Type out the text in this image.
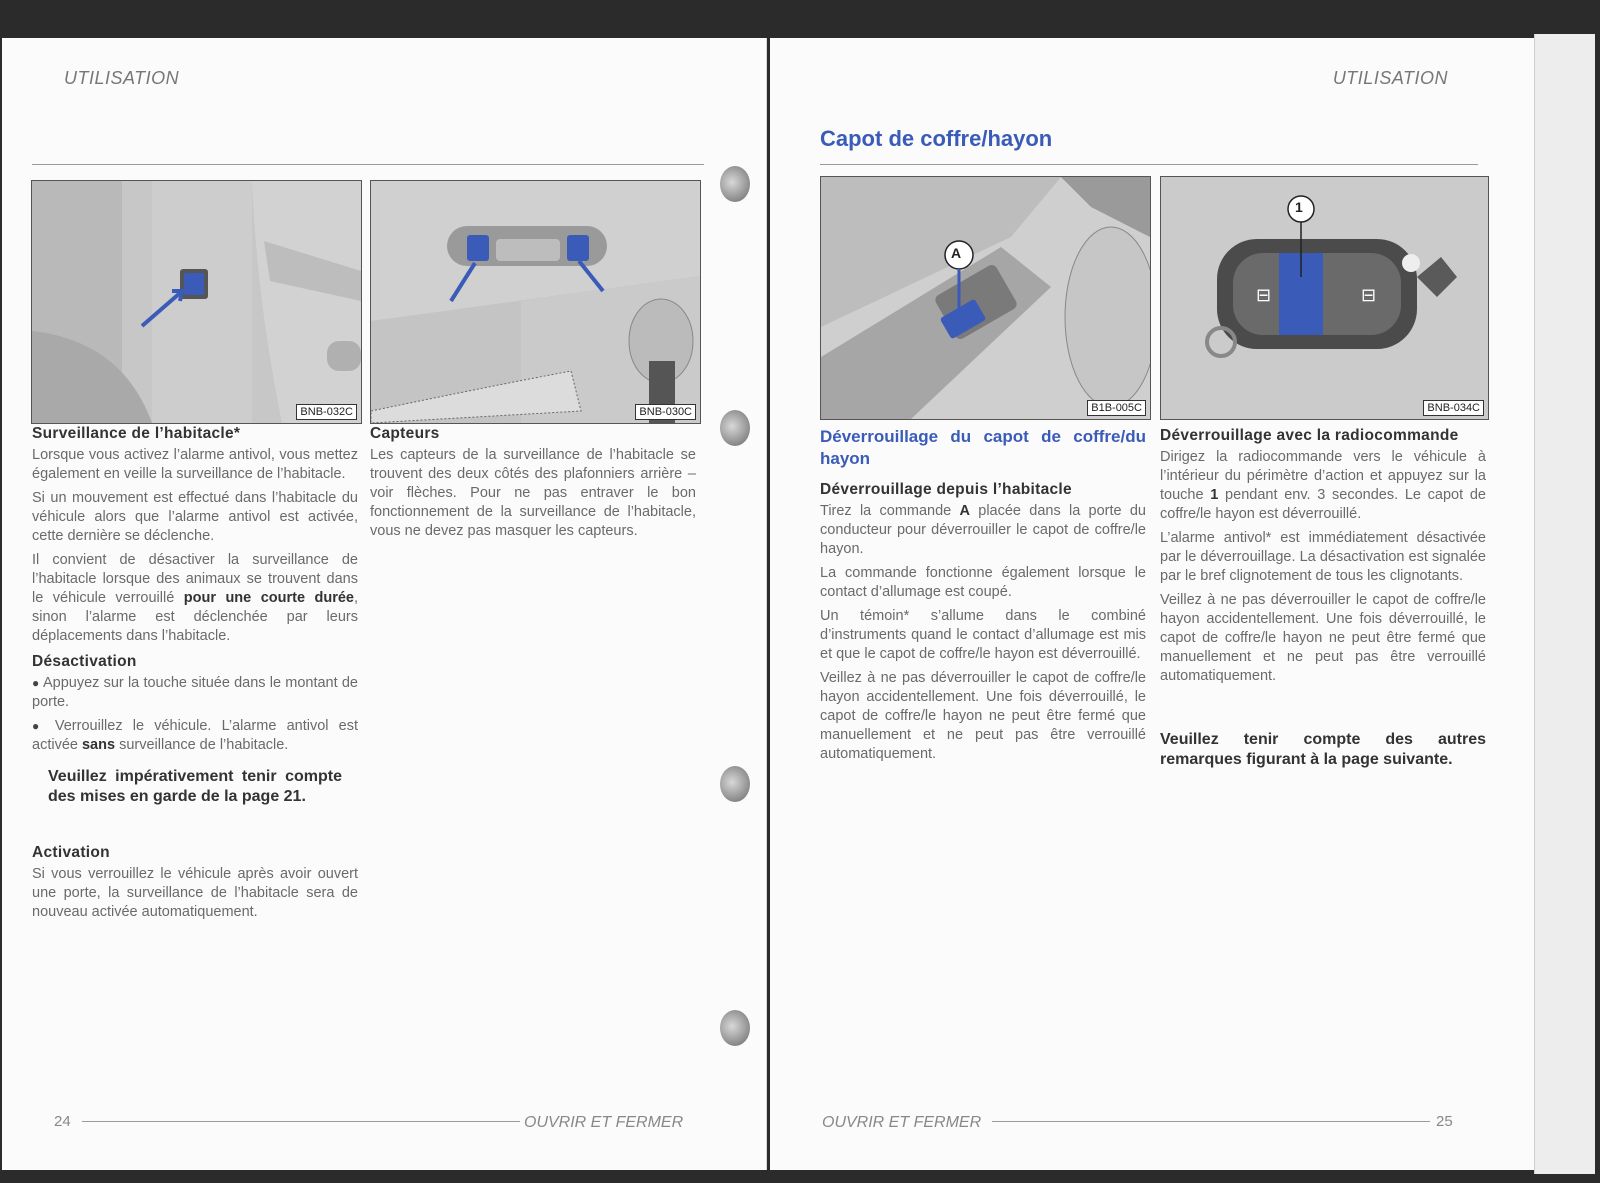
UTILISATION
BNB-032C	BNB-030C
Surveillance de l’habitacle*

Lorsque vous activez l’alarme antivol, vous mettez également en veille la surveillance de l’habitacle.

Si un mouvement est effectué dans l’habitacle du véhicule alors que l’alarme antivol est activée, cette dernière se déclenche.

Il convient de désactiver la surveillance de l’habitacle lorsque des animaux se trouvent dans le véhicule verrouillé pour une courte durée, sinon l’alarme est déclenchée par leurs déplacements dans l’habitacle.

Désactivation

● Appuyez sur la touche située dans le montant de porte.

● Verrouillez le véhicule. L’alarme antivol est activée sans surveillance de l’habitacle.

Veuillez impérativement tenir compte des mises en garde de la page 21.
Activation

Si vous verrouillez le véhicule après avoir ouvert une porte, la surveillance de l’habitacle sera de nouveau activée automatiquement.

Capteurs

Les capteurs de la surveillance de l’habitacle se trouvent des deux côtés des plafonniers arrière – voir flèches. Pour ne pas entraver le bon fonctionnement de la surveillance de l’habitacle, vous ne devez pas masquer les capteurs.

24	OUVRIR ET FERMER
UTILISATION
Capot de coffre/hayon
A
B1B-005C
⊟	⊟
1
BNB-034C
Déverrouillage du capot de coffre/du hayon
Déverrouillage depuis l’habitacle

Tirez la commande A placée dans la porte du conducteur pour déverrouiller le capot de coffre/le hayon.

La commande fonctionne également lorsque le contact d’allumage est coupé.

Un témoin* s’allume dans le combiné d’instruments quand le contact d’allumage est mis et que le capot de coffre/le hayon est déverrouillé.

Veillez à ne pas déverrouiller le capot de coffre/le hayon accidentellement. Une fois déverrouillé, le capot de coffre/le hayon ne peut être fermé que manuellement et ne peut pas être verrouillé automatiquement.

Déverrouillage avec la radiocommande

Dirigez la radiocommande vers le véhicule à l’intérieur du périmètre d’action et appuyez sur la touche 1 pendant env. 3 secondes. Le capot de coffre/le hayon est déverrouillé.

L’alarme antivol* est immédiatement désactivée par le déverrouillage. La désactivation est signalée par le bref clignotement de tous les clignotants.

Veillez à ne pas déverrouiller le capot de coffre/le hayon accidentellement. Une fois déverrouillé, le capot de coffre/le hayon ne peut être fermé que manuellement et ne peut pas être verrouillé automatiquement.

Veuillez tenir compte des autres remarques figurant à la page suivante.
OUVRIR ET FERMER	25
